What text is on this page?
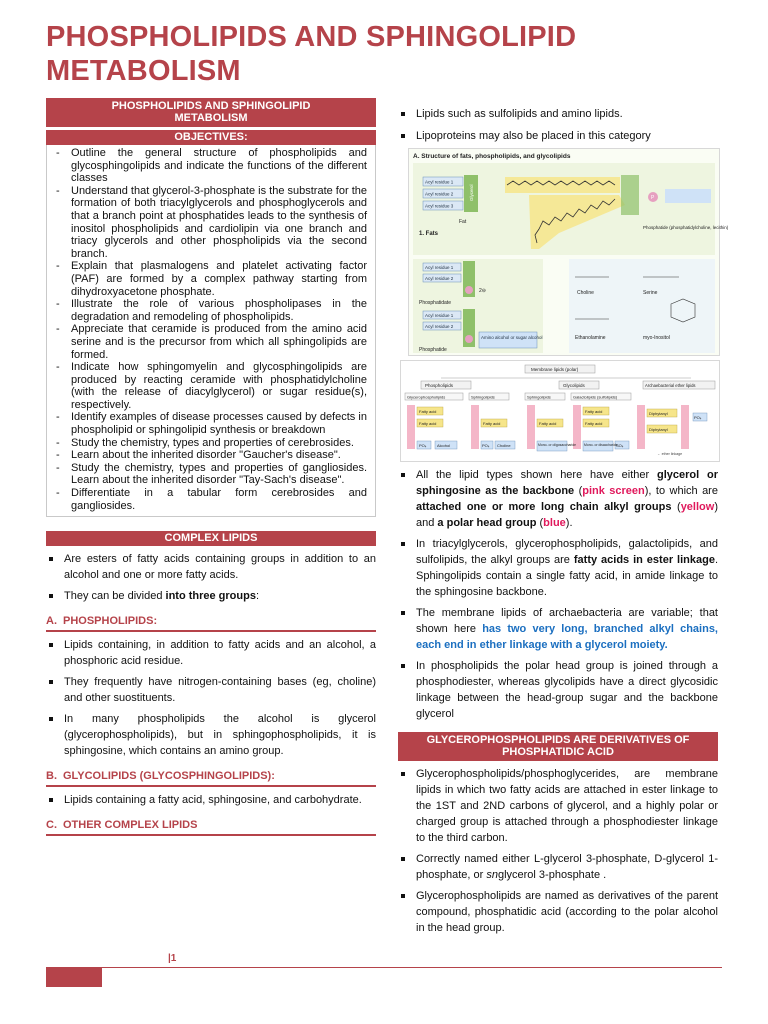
PHOSPHOLIPIDS AND SPHINGOLIPID
METABOLISM
PHOSPHOLIPIDS AND SPHINGOLIPID
METABOLISM
OBJECTIVES:
- Outline the general structure of phospholipids and glycosphingolipids and indicate the functions of the different classes
- Understand that glycerol-3-phosphate is the substrate for the formation of both triacylglycerols and phosphoglycerols and that a branch point at phosphatides leads to the synthesis of inositol phospholipids and cardiolipin via one branch and triacy glycerols and other phospholipids via the second branch.
- Explain that plasmalogens and platelet activating factor (PAF) are formed by a complex pathway starting from dihydroxyacetone phosphate.
- Illustrate the role of various phospholipases in the degradation and remodeling of phospholipids.
- Appreciate that ceramide is produced from the amino acid serine and is the precursor from which all sphingolipids are formed.
- Indicate how sphingomyelin and glycosphingolipids are produced by reacting ceramide with phosphatidylcholine (with the release of diacylglycerol) or sugar residue(s), respectively.
- Identify examples of disease processes caused by defects in phospholipid or sphingolipid synthesis or breakdown
- Study the chemistry, types and properties of cerebrosides.
- Learn about the inherited disorder "Gaucher's disease".
- Study the chemistry, types and properties of gangliosides. Learn about the inherited disorder "Tay-Sach's disease".
- Differentiate in a tabular form cerebrosides and gangliosides.
COMPLEX LIPIDS
Are esters of fatty acids containing groups in addition to an alcohol and one or more fatty acids.
They can be divided into three groups:
A. PHOSPHOLIPIDS:
Lipids containing, in addition to fatty acids and an alcohol, a phosphoric acid residue.
They frequently have nitrogen-containing bases (eg, choline) and other suostituents.
In many phospholipids the alcohol is glycerol (glycerophospholipids), but in sphingophospholipids, it is sphingosine, which contains an amino group.
B. GLYCOLIPIDS (GLYCOSPHINGOLIPIDS):
Lipids containing a fatty acid, sphingosine, and carbohydrate.
C. OTHER COMPLEX LIPIDS
Lipids such as sulfolipids and amino lipids.
Lipoproteins may also be placed in this category
A. Structure of fats, phospholipids, and glycolipids
Acyl residue 1
Acyl residue 2
Acyl residue 3
Glycerol
Fat
1. Fats
P
Phosphatide (phosphatidylcholine, lecithin)
Acyl residue 1
Acyl residue 2
2⊖
Phosphatidate
Acyl residue 1
Acyl residue 2
Amino alcohol or sugar alcohol
Phosphatide
Choline	Serine
Ethanolamine	myo-Inositol
Membrane lipids (polar)
Phospholipids	Glycolipids	Archaebacterial ether lipids
Glycerophospholipids	Sphingolipids	Sphingolipids	Galactolipids (sulfolipids)
Fatty acid
Fatty acid	Fatty acid	Fatty acid
Fatty acid
Fatty acid
Diphytanyl
Diphytanyl
PO₄	Alcohol	PO₄ Choline	Mono- or oligosaccharide Mono- or disaccharide
SO₄
PO₄
← ether linkage
All the lipid types shown here have either glycerol or sphingosine as the backbone (pink screen), to which are attached one or more long chain alkyl groups (yellow) and a polar head group (blue).
In triacylglycerols, glycerophospholipids, galactolipids, and sulfolipids, the alkyl groups are fatty acids in ester linkage. Sphingolipids contain a single fatty acid, in amide linkage to the sphingosine backbone.
The membrane lipids of archaebacteria are variable; that shown here has two very long, branched alkyl chains, each end in ether linkage with a glycerol moiety.
In phospholipids the polar head group is joined through a phosphodiester, whereas glycolipids have a direct glycosidic linkage between the head-group sugar and the backbone glycerol
GLYCEROPHOSPHOLIPIDS ARE DERIVATIVES OF
PHOSPHATIDIC ACID
Glycerophospholipids/phosphoglycerides, are membrane lipids in which two fatty acids are attached in ester linkage to the 1ST and 2ND carbons of glycerol, and a highly polar or charged group is attached through a phosphodiester linkage to the third carbon.
Correctly named either L-glycerol 3-phosphate, D-glycerol 1-phosphate, or snglycerol 3-phosphate .
Glycerophospholipids are named as derivatives of the parent compound, phosphatidic acid (according to the polar alcohol in the head group.
|1
